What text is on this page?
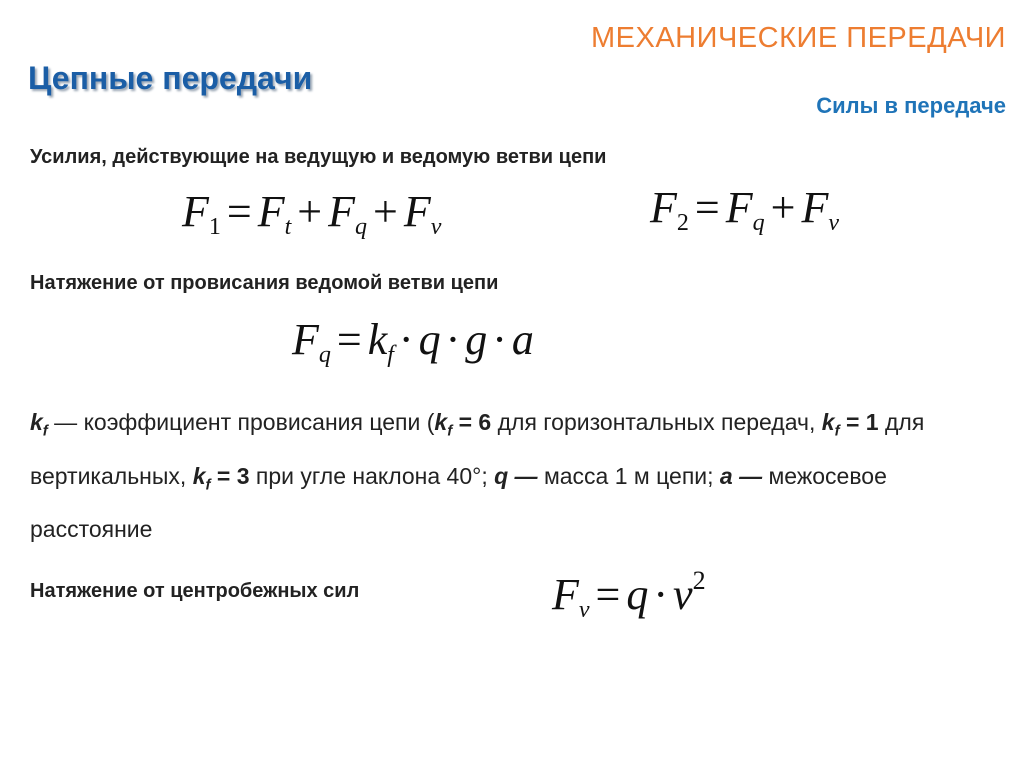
МЕХАНИЧЕСКИЕ ПЕРЕДАЧИ
Цепные передачи
Силы в передаче
Усилия, действующие на ведущую и ведомую ветви цепи
$F_1 = F_t + F_q + F_v$	$F_2 = F_q + F_v$
Натяжение от провисания ведомой ветви цепи
$F_q = k_f \cdot q \cdot g \cdot a$
$k_f$ — коэффициент провисания цепи ($k_f = 6$ для горизонтальных передач, $k_f = 1$ для вертикальных, $k_f = 3$ при угле наклона 40°; q — масса 1 м цепи; a — межосевое расстояние
Натяжение от центробежных сил	$F_v = q \cdot v^2$
